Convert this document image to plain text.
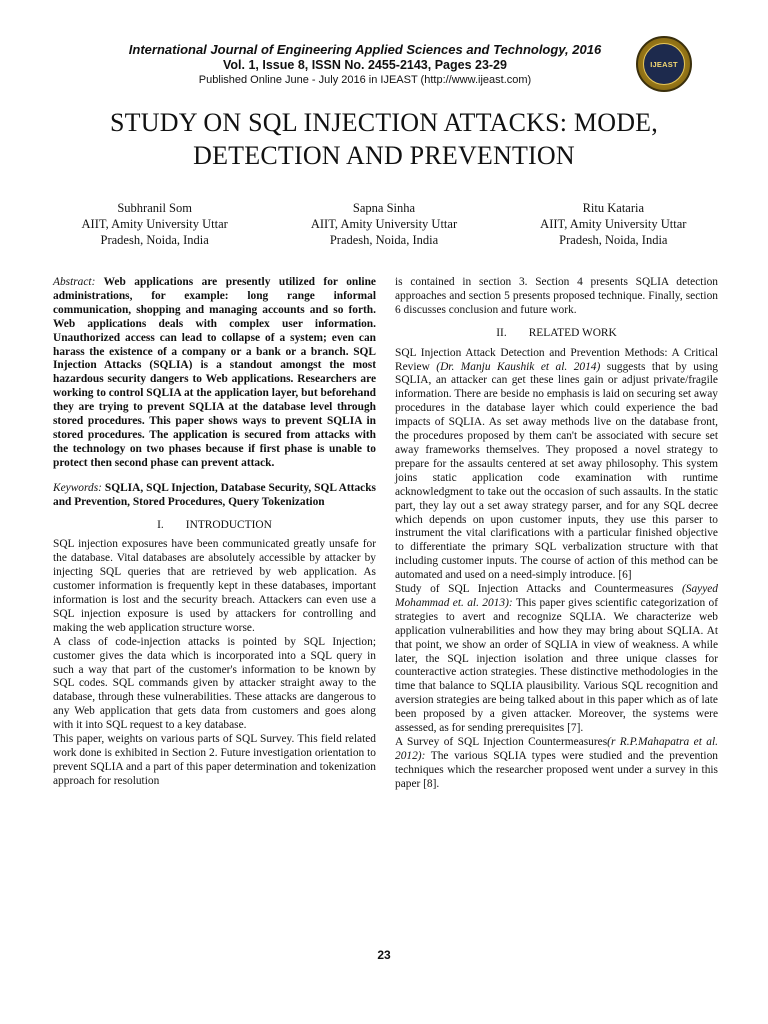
International Journal of Engineering Applied Sciences and Technology, 2016
Vol. 1, Issue 8, ISSN No. 2455-2143, Pages 23-29
Published Online June - July 2016 in IJEAST (http://www.ijeast.com)
IJEAST
STUDY ON SQL INJECTION ATTACKS: MODE,
DETECTION AND PREVENTION
Subhranil Som
AIIT, Amity University Uttar
Pradesh, Noida, India
Sapna Sinha
AIIT, Amity University Uttar
Pradesh, Noida, India
Ritu Kataria
AIIT, Amity University Uttar
Pradesh, Noida, India

Abstract: Web applications are presently utilized for online administrations, for example: long range informal communication, shopping and managing accounts and so forth. Web applications deals with complex user information. Unauthorized access can lead to collapse of a system; even can harass the existence of a company or a bank or a branch. SQL Injection Attacks (SQLIA) is a standout amongst the most hazardous security dangers to Web applications. Researchers are working to control SQLIA at the application layer, but beforehand they are trying to prevent SQLIA at the database level through stored procedures. This paper shows ways to prevent SQLIA in stored procedures. The application is secured from attacks with the technology on two phases because if first phase is unable to protect then second phase can prevent attack.

Keywords: SQLIA, SQL Injection, Database Security, SQL Attacks and Prevention, Stored Procedures, Query Tokenization

I. INTRODUCTION

SQL injection exposures have been communicated greatly unsafe for the database. Vital databases are absolutely accessible by attacker by injecting SQL queries that are retrieved by web application. As customer information is frequently kept in these databases, important information is lost and the security breach. Attackers can even use a SQL injection exposure is used by attackers for controlling and making the web application structure worse.

A class of code-injection attacks is pointed by SQL Injection; customer gives the data which is incorporated into a SQL query in such a way that part of the customer's information to be known by SQL codes. SQL commands given by attacker straight away to the database, through these vulnerabilities. These attacks are dangerous to any Web application that gets data from customers and goes along with it into SQL request to a key database.

This paper, weights on various parts of SQL Survey. This field related work done is exhibited in Section 2. Future investigation orientation to prevent SQLIA and a part of this paper determination and tokenization approach for resolution

is contained in section 3. Section 4 presents SQLIA detection approaches and section 5 presents proposed technique. Finally, section 6 discusses conclusion and future work.

II. RELATED WORK

SQL Injection Attack Detection and Prevention Methods: A Critical Review (Dr. Manju Kaushik et al. 2014) suggests that by using SQLIA, an attacker can get these lines gain or adjust private/fragile information. There are beside no emphasis is laid on securing set away procedures in the database layer which could experience the bad impacts of SQLIA. As set away methods live on the database front, the procedures proposed by them can't be associated with secure set away frameworks themselves. They proposed a novel strategy to prepare for the assaults centered at set away philosophy. This system joins static application code examination with runtime acknowledgment to take out the occasion of such assaults. In the static part, they lay out a set away strategy parser, and for any SQL decree which depends on upon customer inputs, they use this parser to instrument the vital clarifications with a particular finished objective to differentiate the primary SQL verbalization structure with that including customer inputs. The course of action of this method can be automated and used on a need-simply introduce. [6]

Study of SQL Injection Attacks and Countermeasures (Sayyed Mohammad et. al. 2013): This paper gives scientific categorization of strategies to avert and recognize SQLIA. We characterize web application vulnerabilities and how they may bring about SQLIA. At that point, we show an order of SQLIA in view of weakness. A while later, the SQL injection isolation and three unique classes for counteractive action strategies. These distinctive methodologies in the time that balance to SQLIA plausibility. Various SQL recognition and aversion strategies are being talked about in this paper which as of late been proposed by a given attacker. Moreover, the systems were assessed, as for sending prerequisites [7].

A Survey of SQL Injection Countermeasures(r R.P.Mahapatra et al. 2012): The various SQLIA types were studied and the prevention techniques which the researcher proposed went under a survey in this paper [8].

23
